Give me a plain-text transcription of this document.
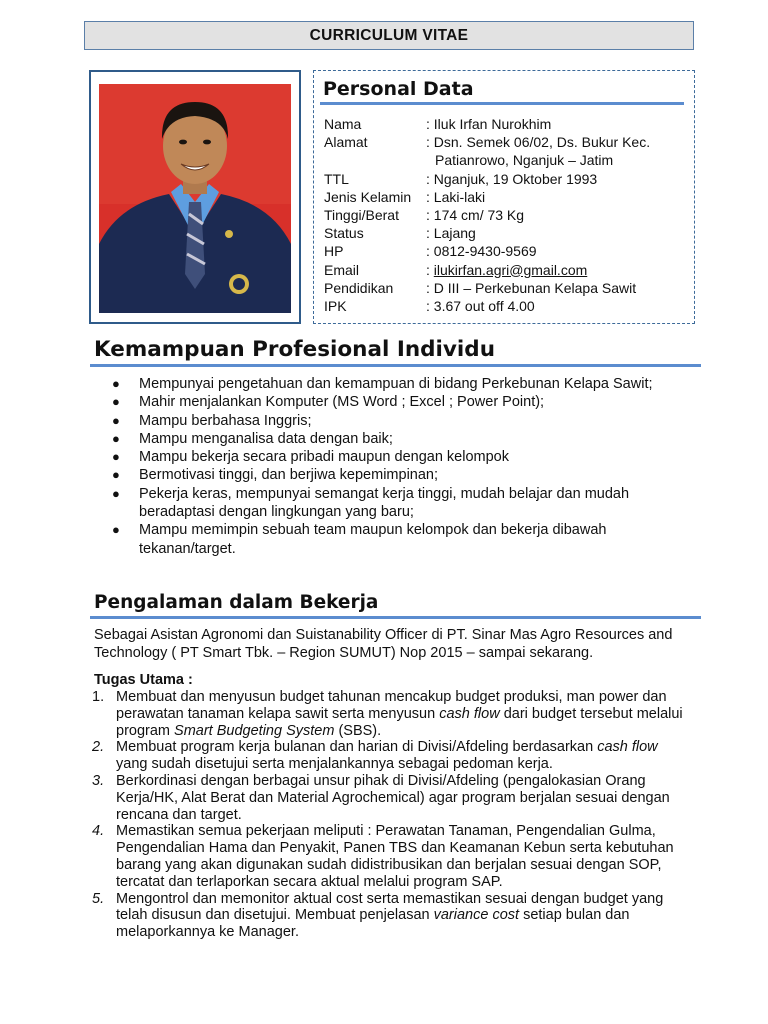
CURRICULUM VITAE
Personal Data
Nama	: Iluk Irfan Nurokhim
Alamat	: Dsn. Semek 06/02, Ds. Bukur Kec.
Patianrowo, Nganjuk – Jatim
TTL	: Nganjuk, 19 Oktober 1993
Jenis Kelamin	: Laki-laki
Tinggi/Berat	: 174 cm/ 73 Kg
Status	: Lajang
HP	: 0812-9430-9569
Email	: ilukirfan.agri@gmail.com
Pendidikan	: D III – Perkebunan Kelapa Sawit
IPK	: 3.67 out off 4.00
Kemampuan Profesional Individu
●	Mempunyai pengetahuan dan kemampuan di bidang Perkebunan Kelapa Sawit;
●	Mahir menjalankan Komputer (MS Word ; Excel ; Power Point);
●	Mampu berbahasa Inggris;
●	Mampu menganalisa data dengan baik;
●	Mampu bekerja secara pribadi maupun dengan kelompok
●	Bermotivasi tinggi, dan berjiwa kepemimpinan;
●	Pekerja keras, mempunyai semangat kerja tinggi, mudah belajar dan mudah beradaptasi dengan lingkungan yang baru;
●	Mampu memimpin sebuah team maupun kelompok dan bekerja dibawah tekanan/target.
Pengalaman dalam Bekerja
Sebagai Asistan Agronomi dan Suistanability Officer di PT. Sinar Mas Agro Resources and Technology ( PT Smart Tbk. – Region SUMUT) Nop 2015 – sampai sekarang.
Tugas Utama :
1. Membuat dan menyusun budget tahunan mencakup budget produksi, man power dan perawatan tanaman kelapa sawit serta menyusun cash flow dari budget tersebut melalui program Smart Budgeting System (SBS).
2. Membuat program kerja bulanan dan harian di Divisi/Afdeling berdasarkan cash flow yang sudah disetujui serta menjalankannya sebagai pedoman kerja.
3. Berkordinasi dengan berbagai unsur pihak di Divisi/Afdeling (pengalokasian Orang Kerja/HK, Alat Berat dan Material Agrochemical) agar program berjalan sesuai dengan rencana dan target.
4. Memastikan semua pekerjaan meliputi : Perawatan Tanaman, Pengendalian Gulma, Pengendalian Hama dan Penyakit, Panen TBS dan Keamanan Kebun serta kebutuhan barang yang akan digunakan sudah didistribusikan dan berjalan sesuai dengan SOP, tercatat dan terlaporkan secara aktual melalui program SAP.
5. Mengontrol dan memonitor aktual cost serta memastikan sesuai dengan budget yang telah disusun dan disetujui. Membuat penjelasan variance cost setiap bulan dan melaporkannya ke Manager.
